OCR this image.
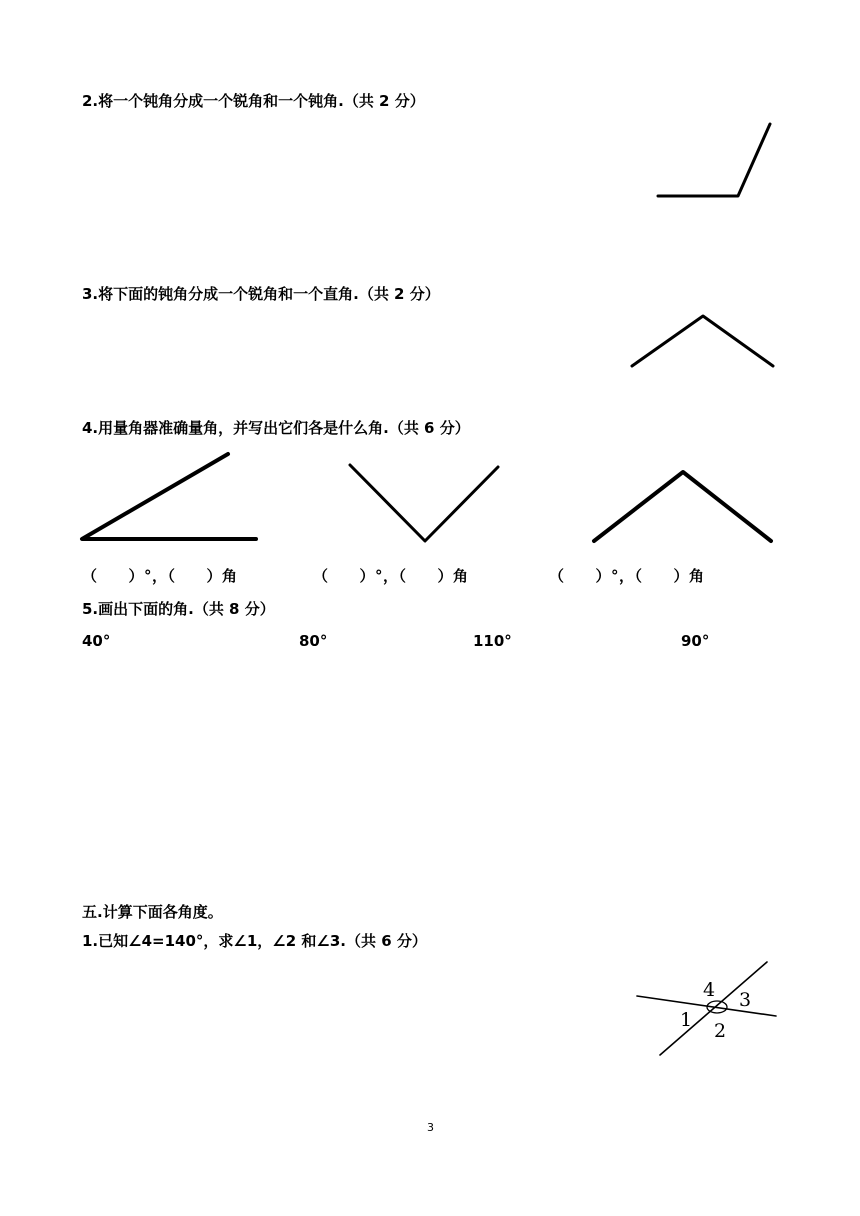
2.将一个钝角分成一个锐角和一个钝角.（共 2 分）
3.将下面的钝角分成一个锐角和一个直角.（共 2 分）
4.用量角器准确量角，并写出它们各是什么角.（共 6 分）
（　　）°，（　　）角	（　　）°，（　　）角	（　　）°，（　　）角
5.画出下面的角.（共 8 分）
40°	80°	110°	90°
五.计算下面各角度。
1.已知∠4=140°，求∠1，∠2 和∠3.（共 6 分）
4 3
1 2
3
